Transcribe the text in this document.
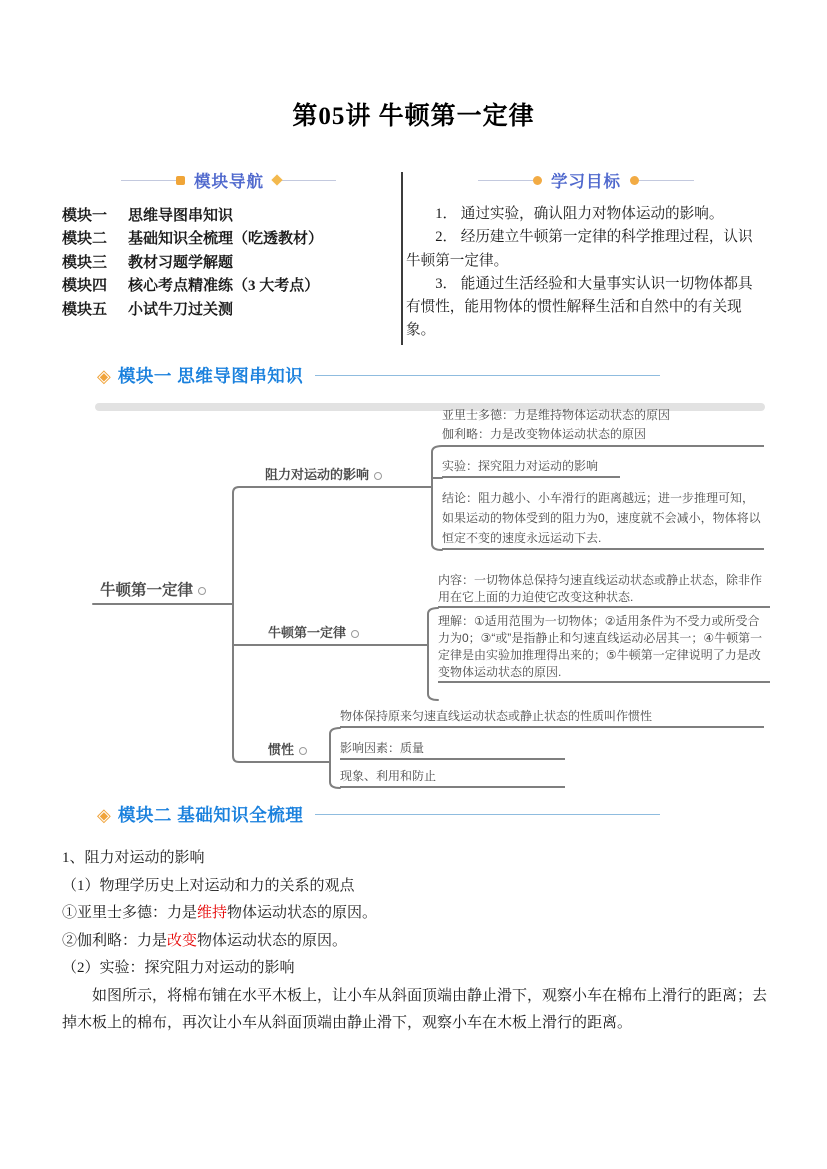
第05讲 牛顿第一定律
模块导航
模块一	思维导图串知识
模块二	基础知识全梳理（吃透教材）
模块三	教材习题学解题
模块四	核心考点精准练（3 大考点）
模块五	小试牛刀过关测
学习目标

1． 通过实验，确认阻力对物体运动的影响。

2． 经历建立牛顿第一定律的科学推理过程，认识牛顿第一定律。

3． 能通过生活经验和大量事实认识一切物体都具有惯性，能用物体的惯性解释生活和自然中的有关现象。

◈ 模块一 思维导图串知识
牛顿第一定律
阻力对运动的影响
亚里士多德：力是维持物体运动状态的原因
伽利略：力是改变物体运动状态的原因
实验：探究阻力对运动的影响
结论：阻力越小、小车滑行的距离越远；进一步推理可知，如果运动的物体受到的阻力为0，速度就不会减小，物体将以恒定不变的速度永远运动下去.
牛顿第一定律
内容：一切物体总保持匀速直线运动状态或静止状态，除非作用在它上面的力迫使它改变这种状态.
理解：①适用范围为一切物体；②适用条件为不受力或所受合力为0；③“或”是指静止和匀速直线运动必居其一；④牛顿第一定律是由实验加推理得出来的；⑤牛顿第一定律说明了力是改变物体运动状态的原因.
惯性
物体保持原来匀速直线运动状态或静止状态的性质叫作惯性
影响因素：质量
现象、利用和防止
◈ 模块二 基础知识全梳理
1、阻力对运动的影响
（1）物理学历史上对运动和力的关系的观点
①亚里士多德：力是维持物体运动状态的原因。
②伽利略：力是改变物体运动状态的原因。
（2）实验：探究阻力对运动的影响

如图所示，将棉布铺在水平木板上，让小车从斜面顶端由静止滑下，观察小车在棉布上滑行的距离；去掉木板上的棉布，再次让小车从斜面顶端由静止滑下，观察小车在木板上滑行的距离。
